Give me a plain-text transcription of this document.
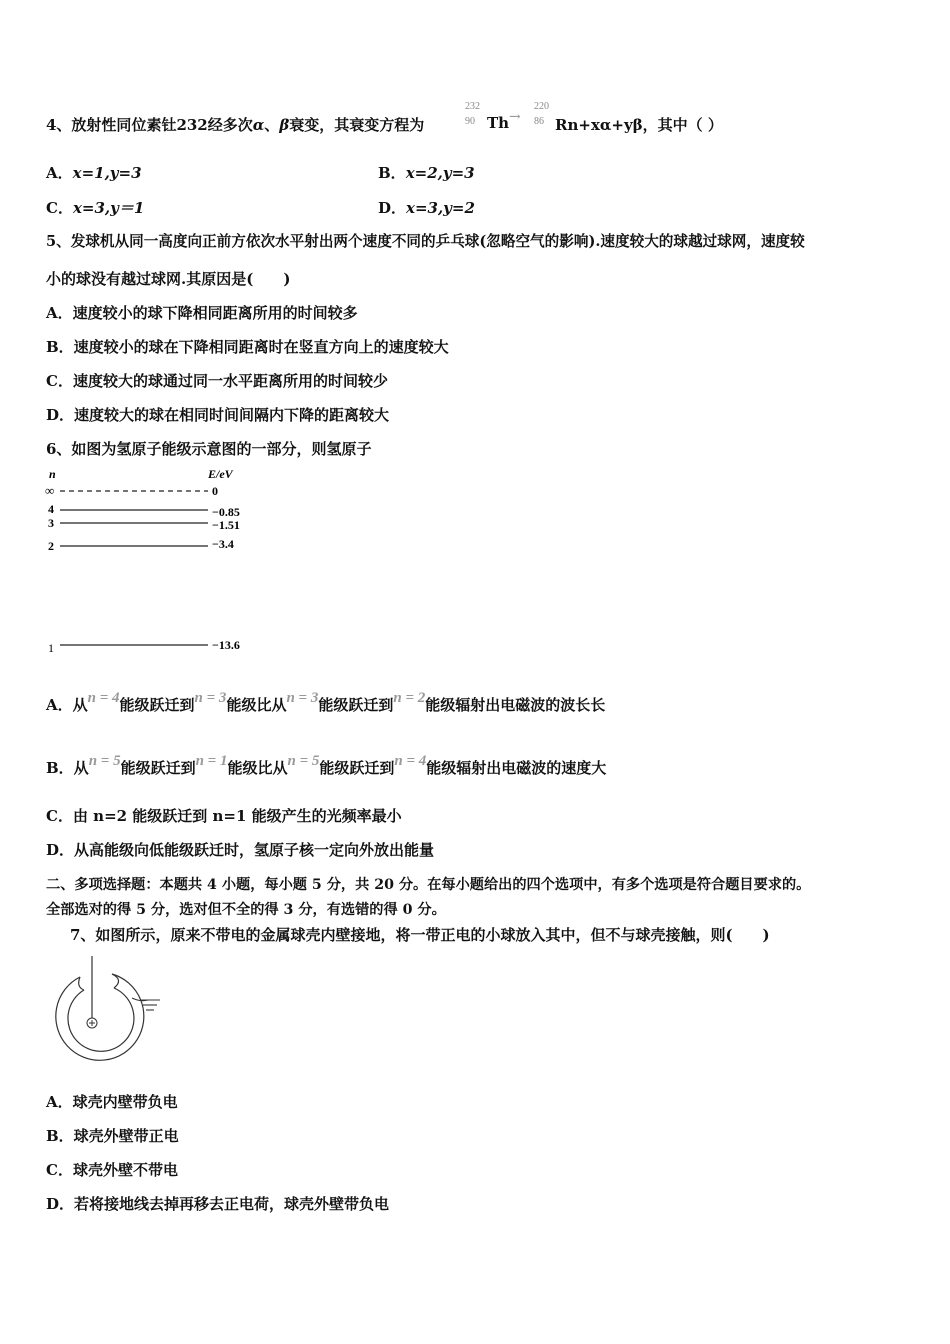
4、放射性同位素钍232经多次α、β衰变，其衰变方程为
232
90 Th →
220
86 Rn+xα+yβ，其中（ ）
A．x=1,y=3	B．x=2,y=3
C．x=3,y＝1	D．x=3,y=2
5、发球机从同一高度向正前方依次水平射出两个速度不同的乒乓球(忽略空气的影响).速度较大的球越过球网，速度较
小的球没有越过球网.其原因是(　　)
A．速度较小的球下降相同距离所用的时间较多
B．速度较小的球在下降相同距离时在竖直方向上的速度较大
C．速度较大的球通过同一水平距离所用的时间较少
D．速度较大的球在相同时间间隔内下降的距离较大
6、如图为氢原子能级示意图的一部分，则氢原子
n	E/eV
∞	0
4	−0.85
3	−1.51
2	−3.4
1	−13.6
A．从n = 4能级跃迁到n = 3能级比从n = 3能级跃迁到n = 2能级辐射出电磁波的波长长
B．从n = 5能级跃迁到n = 1能级比从n = 5能级跃迁到n = 4能级辐射出电磁波的速度大
C．由 n=2 能级跃迁到 n=1 能级产生的光频率最小
D．从高能级向低能级跃迁时，氢原子核一定向外放出能量
二、多项选择题：本题共 4 小题，每小题 5 分，共 20 分。在每小题给出的四个选项中，有多个选项是符合题目要求的。
全部选对的得 5 分，选对但不全的得 3 分，有选错的得 0 分。
7、如图所示，原来不带电的金属球壳内壁接地，将一带正电的小球放入其中，但不与球壳接触，则(　　)
A．球壳内壁带负电
B．球壳外壁带正电
C．球壳外壁不带电
D．若将接地线去掉再移去正电荷，球壳外壁带负电
